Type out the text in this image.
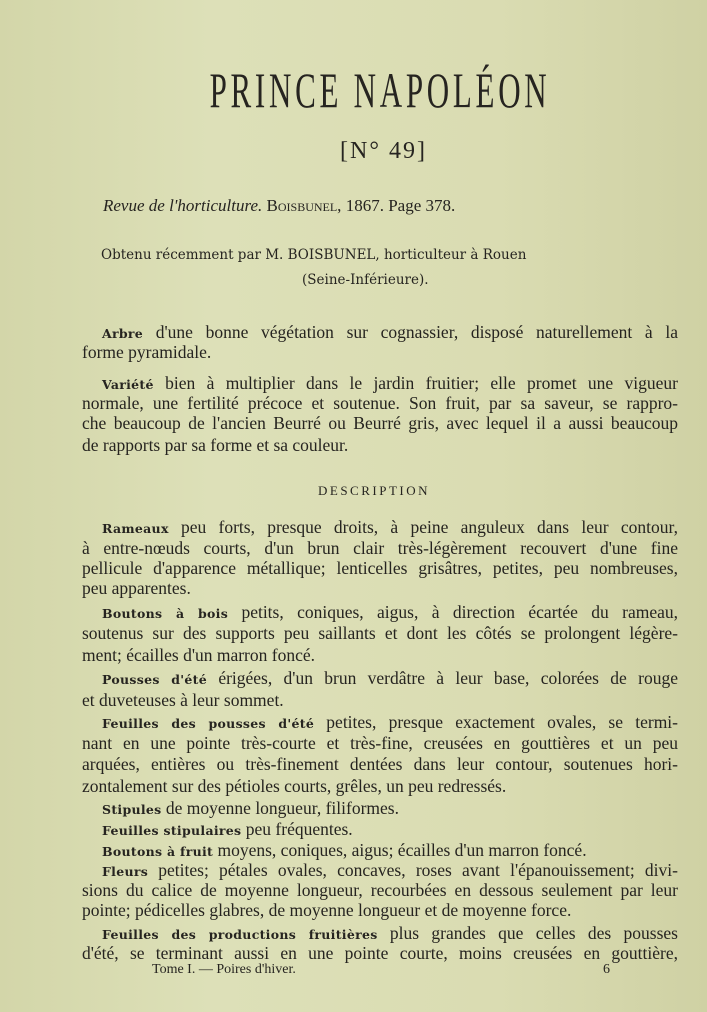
PRINCE NAPOLÉON
[N° 49]
Revue de l'horticulture. Boisbunel, 1867. Page 378.
Obtenu récemment par M. BOISBUNEL, horticulteur à Rouen
(Seine-Inférieure).
Arbre d'une bonne végétation sur cognassier, disposé naturellement à la
forme pyramidale.
Variété bien à multiplier dans le jardin fruitier; elle promet une vigueur
normale, une fertilité précoce et soutenue. Son fruit, par sa saveur, se rappro-
che beaucoup de l'ancien Beurré ou Beurré gris, avec lequel il a aussi beaucoup
de rapports par sa forme et sa couleur.
DESCRIPTION
Rameaux peu forts, presque droits, à peine anguleux dans leur contour,
à entre-nœuds courts, d'un brun clair très-légèrement recouvert d'une fine
pellicule d'apparence métallique; lenticelles grisâtres, petites, peu nombreuses,
peu apparentes.
Boutons à bois petits, coniques, aigus, à direction écartée du rameau,
soutenus sur des supports peu saillants et dont les côtés se prolongent légère-
ment; écailles d'un marron foncé.
Pousses d'été érigées, d'un brun verdâtre à leur base, colorées de rouge
et duveteuses à leur sommet.
Feuilles des pousses d'été petites, presque exactement ovales, se termi-
nant en une pointe très-courte et très-fine, creusées en gouttières et un peu
arquées, entières ou très-finement dentées dans leur contour, soutenues hori-
zontalement sur des pétioles courts, grêles, un peu redressés.
Stipules de moyenne longueur, filiformes.
Feuilles stipulaires peu fréquentes.
Boutons à fruit moyens, coniques, aigus; écailles d'un marron foncé.
Fleurs petites; pétales ovales, concaves, roses avant l'épanouissement; divi-
sions du calice de moyenne longueur, recourbées en dessous seulement par leur
pointe; pédicelles glabres, de moyenne longueur et de moyenne force.
Feuilles des productions fruitières plus grandes que celles des pousses
d'été, se terminant aussi en une pointe courte, moins creusées en gouttière,
Tome I. — Poires d'hiver.	6
